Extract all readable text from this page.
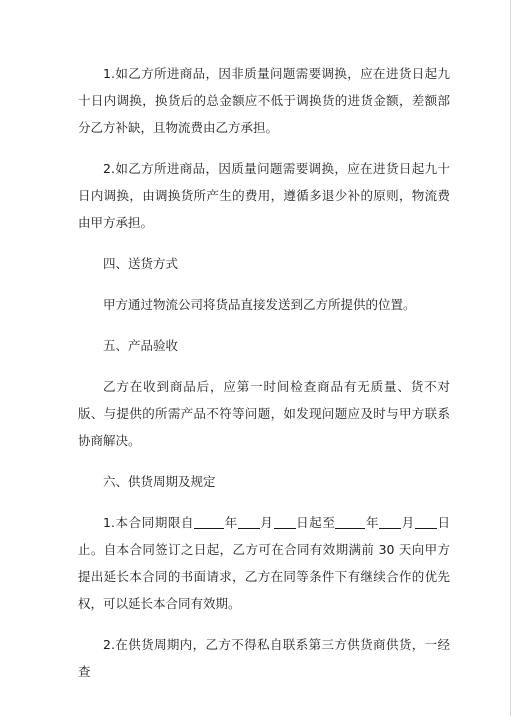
1.如乙方所进商品，因非质量问题需要调换，应在进货日起九十日内调换，换货后的总金额应不低于调换货的进货金额，差额部分乙方补缺，且物流费由乙方承担。

2.如乙方所进商品，因质量问题需要调换，应在进货日起九十日内调换，由调换货所产生的费用，遵循多退少补的原则，物流费由甲方承担。

四、送货方式

甲方通过物流公司将货品直接发送到乙方所提供的位置。

五、产品验收

乙方在收到商品后，应第一时间检查商品有无质量、货不对版、与提供的所需产品不符等问题，如发现问题应及时与甲方联系协商解决。

六、供货周期及规定

1.本合同期限自 年 月 日起至 年 月 日止。自本合同签订之日起，乙方可在合同有效期满前 30 天向甲方提出延长本合同的书面请求，乙方在同等条件下有继续合作的优先权，可以延长本合同有效期。

2.在供货周期内，乙方不得私自联系第三方供货商供货，一经查
